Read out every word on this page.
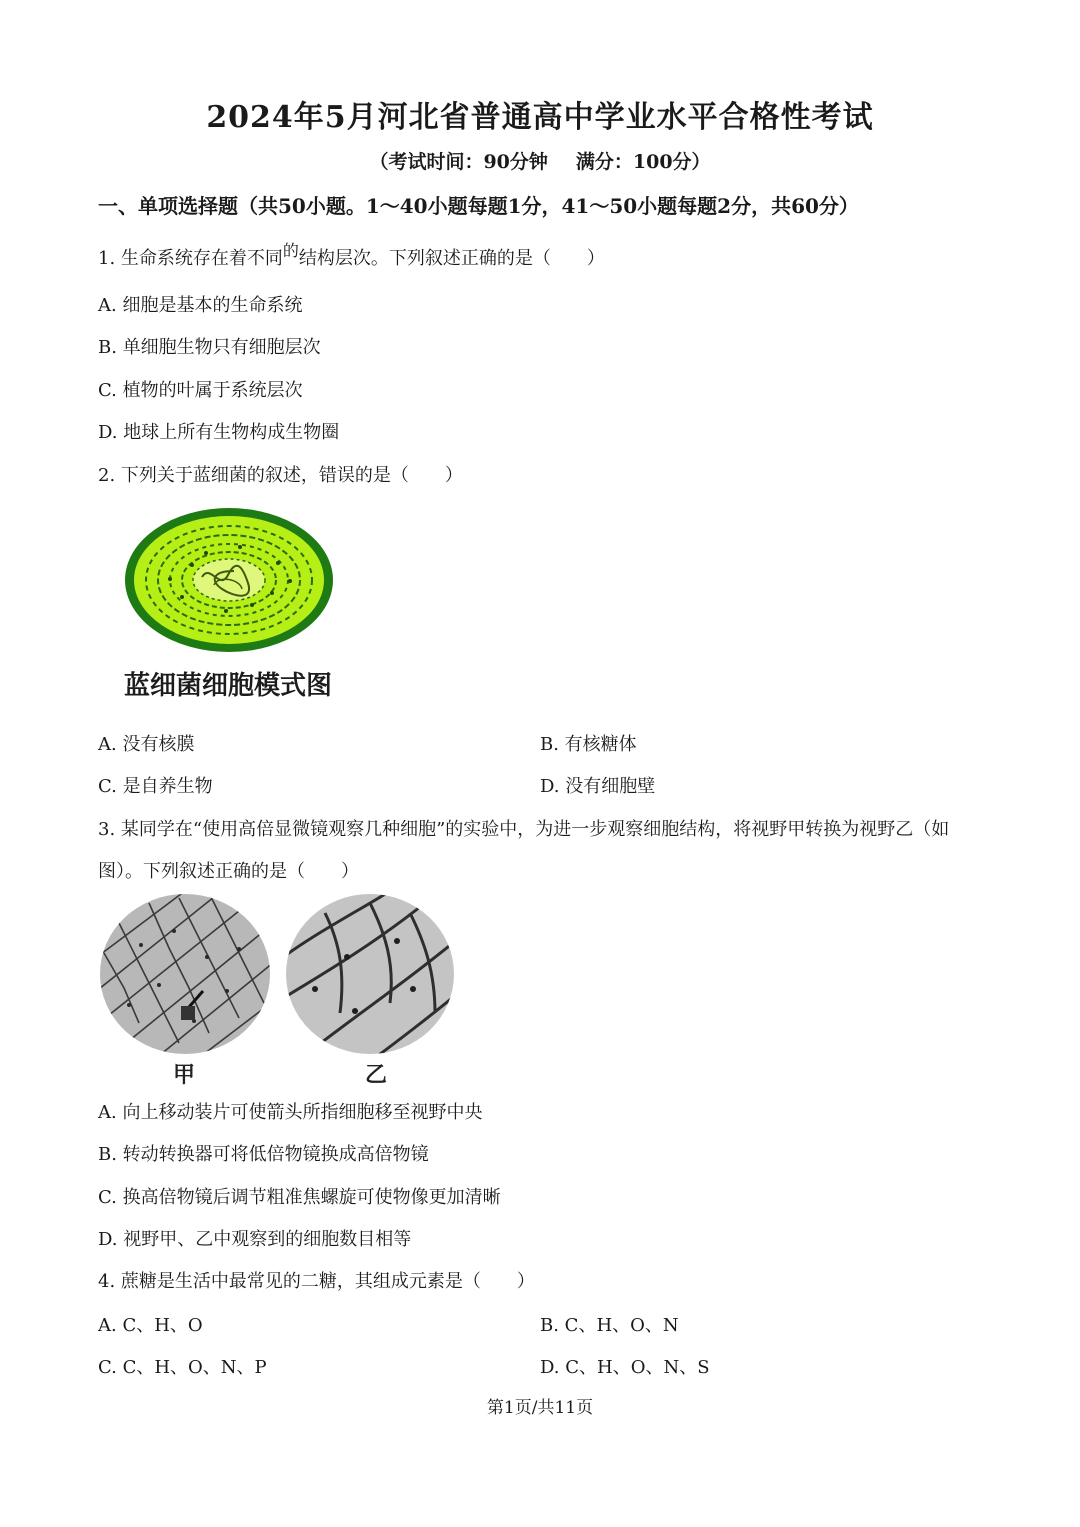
2024年5月河北省普通高中学业水平合格性考试
（考试时间：90分钟 满分：100分）
一、单项选择题（共50小题。1～40小题每题1分，41～50小题每题2分，共60分）
1. 生命系统存在着不同的结构层次。下列叙述正确的是（　　）
A. 细胞是基本的生命系统
B. 单细胞生物只有细胞层次
C. 植物的叶属于系统层次
D. 地球上所有生物构成生物圈
2. 下列关于蓝细菌的叙述，错误的是（　　）
蓝细菌细胞模式图
A. 没有核膜	B. 有核糖体
C. 是自养生物	D. 没有细胞壁
3. 某同学在“使用高倍显微镜观察几种细胞”的实验中，为进一步观察细胞结构，将视野甲转换为视野乙（如
图）。下列叙述正确的是（　　）
甲	乙
A. 向上移动装片可使箭头所指细胞移至视野中央
B. 转动转换器可将低倍物镜换成高倍物镜
C. 换高倍物镜后调节粗准焦螺旋可使物像更加清晰
D. 视野甲、乙中观察到的细胞数目相等
4. 蔗糖是生活中最常见的二糖，其组成元素是（　　）
A. C、H、O	B. C、H、O、N
C. C、H、O、N、P	D. C、H、O、N、S
第1页/共11页
